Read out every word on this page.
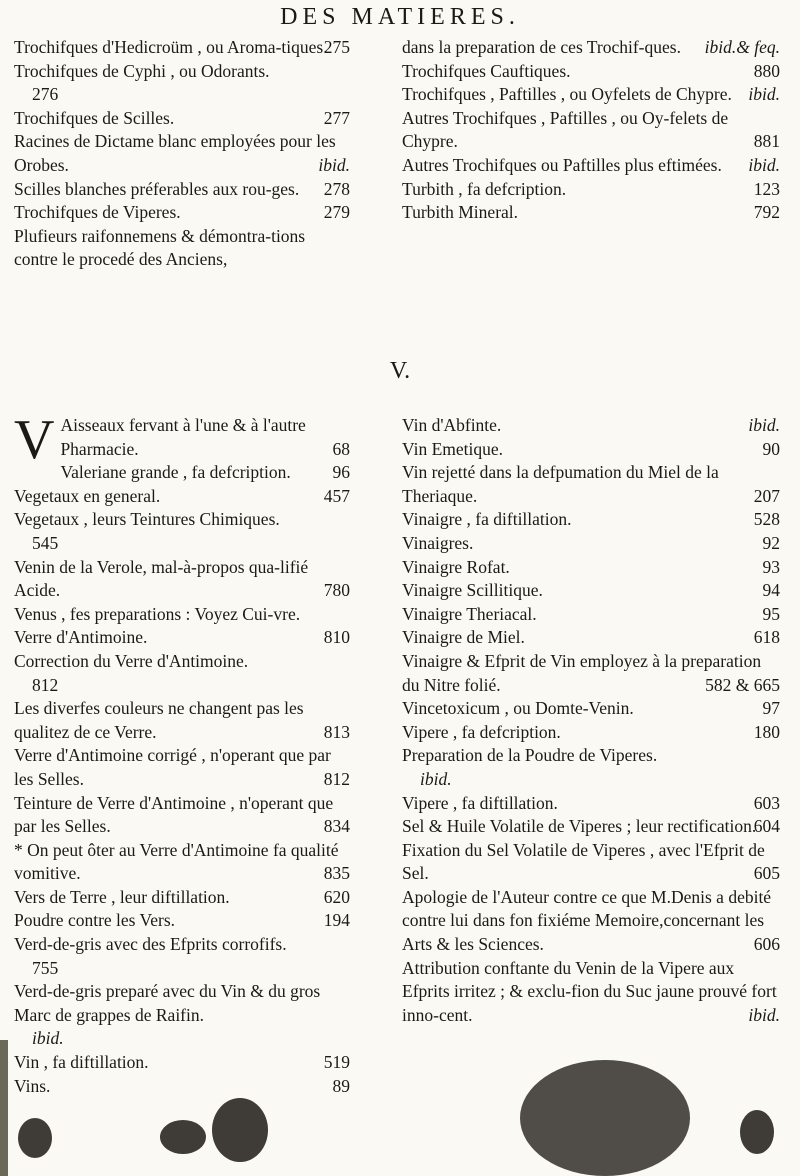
DES MATIERES.
Trochifques d'Hedicroüm , ou Aroma-tiques.
275
Trochifques de Cyphi , ou Odorants.
276
Trochifques de Scilles.	277
Racines de Dictame blanc employées pour les Orobes.	ibid.
Scilles blanches préferables aux rou-ges. 278
Trochifques de Viperes.	279
Plufieurs raifonnemens & démontra-tions contre le procedé des Anciens,
dans la preparation de ces Trochif-ques. ibid.& feq.
Trochifques Cauftiques.	880
Trochifques , Paftilles , ou Oyfelets de Chypre. ibid.
Autres Trochifques , Paftilles , ou Oy-felets de Chypre.	881
Autres Trochifques ou Paftilles plus eftimées. ibid.
Turbith , fa defcription.	123
Turbith Mineral.	792
V.
V Aisseaux fervant à l'une & à l'autre Pharmacie.	68
Valeriane grande , fa defcription. 96
Vegetaux en general.	457
Vegetaux , leurs Teintures Chimiques.
545
Venin de la Verole, mal-à-propos qua-lifié Acide.	780
Venus , fes preparations : Voyez Cui-vre.
Verre d'Antimoine.	810
Correction du Verre d'Antimoine.
812
Les diverfes couleurs ne changent pas les qualitez de ce Verre.	813
Verre d'Antimoine corrigé , n'operant que par les Selles.	812
Teinture de Verre d'Antimoine , n'operant que par les Selles.	834
* On peut ôter au Verre d'Antimoine fa qualité vomitive.	835
Vers de Terre , leur diftillation.	620
Poudre contre les Vers.	194
Verd-de-gris avec des Efprits corrofifs.
755
Verd-de-gris preparé avec du Vin & du gros Marc de grappes de Raifin.
ibid.
Vin , fa diftillation.	519
Vins.	89
Vin d'Abfinte.	ibid.
Vin Emetique.	90
Vin rejetté dans la defpumation du Miel de la Theriaque.	207
Vinaigre , fa diftillation.	528
Vinaigres.	92
Vinaigre Rofat.	93
Vinaigre Scillitique.	94
Vinaigre Theriacal.	95
Vinaigre de Miel.	618
Vinaigre & Efprit de Vin employez à la preparation du Nitre folié.	582 & 665
Vincetoxicum , ou Domte-Venin.	97
Vipere , fa defcription.	180
Preparation de la Poudre de Viperes.
ibid.
Vipere , fa diftillation.	603
Sel & Huile Volatile de Viperes ; leur rectification.
604
Fixation du Sel Volatile de Viperes , avec l'Efprit de Sel.	605
Apologie de l'Auteur contre ce que M.Denis a debité contre lui dans fon fixiéme Memoire,concernant les Arts & les Sciences.	606
Attribution conftante du Venin de la Vipere aux Efprits irritez ; & exclu-fion du Suc jaune prouvé fort inno-cent.	ibid.
